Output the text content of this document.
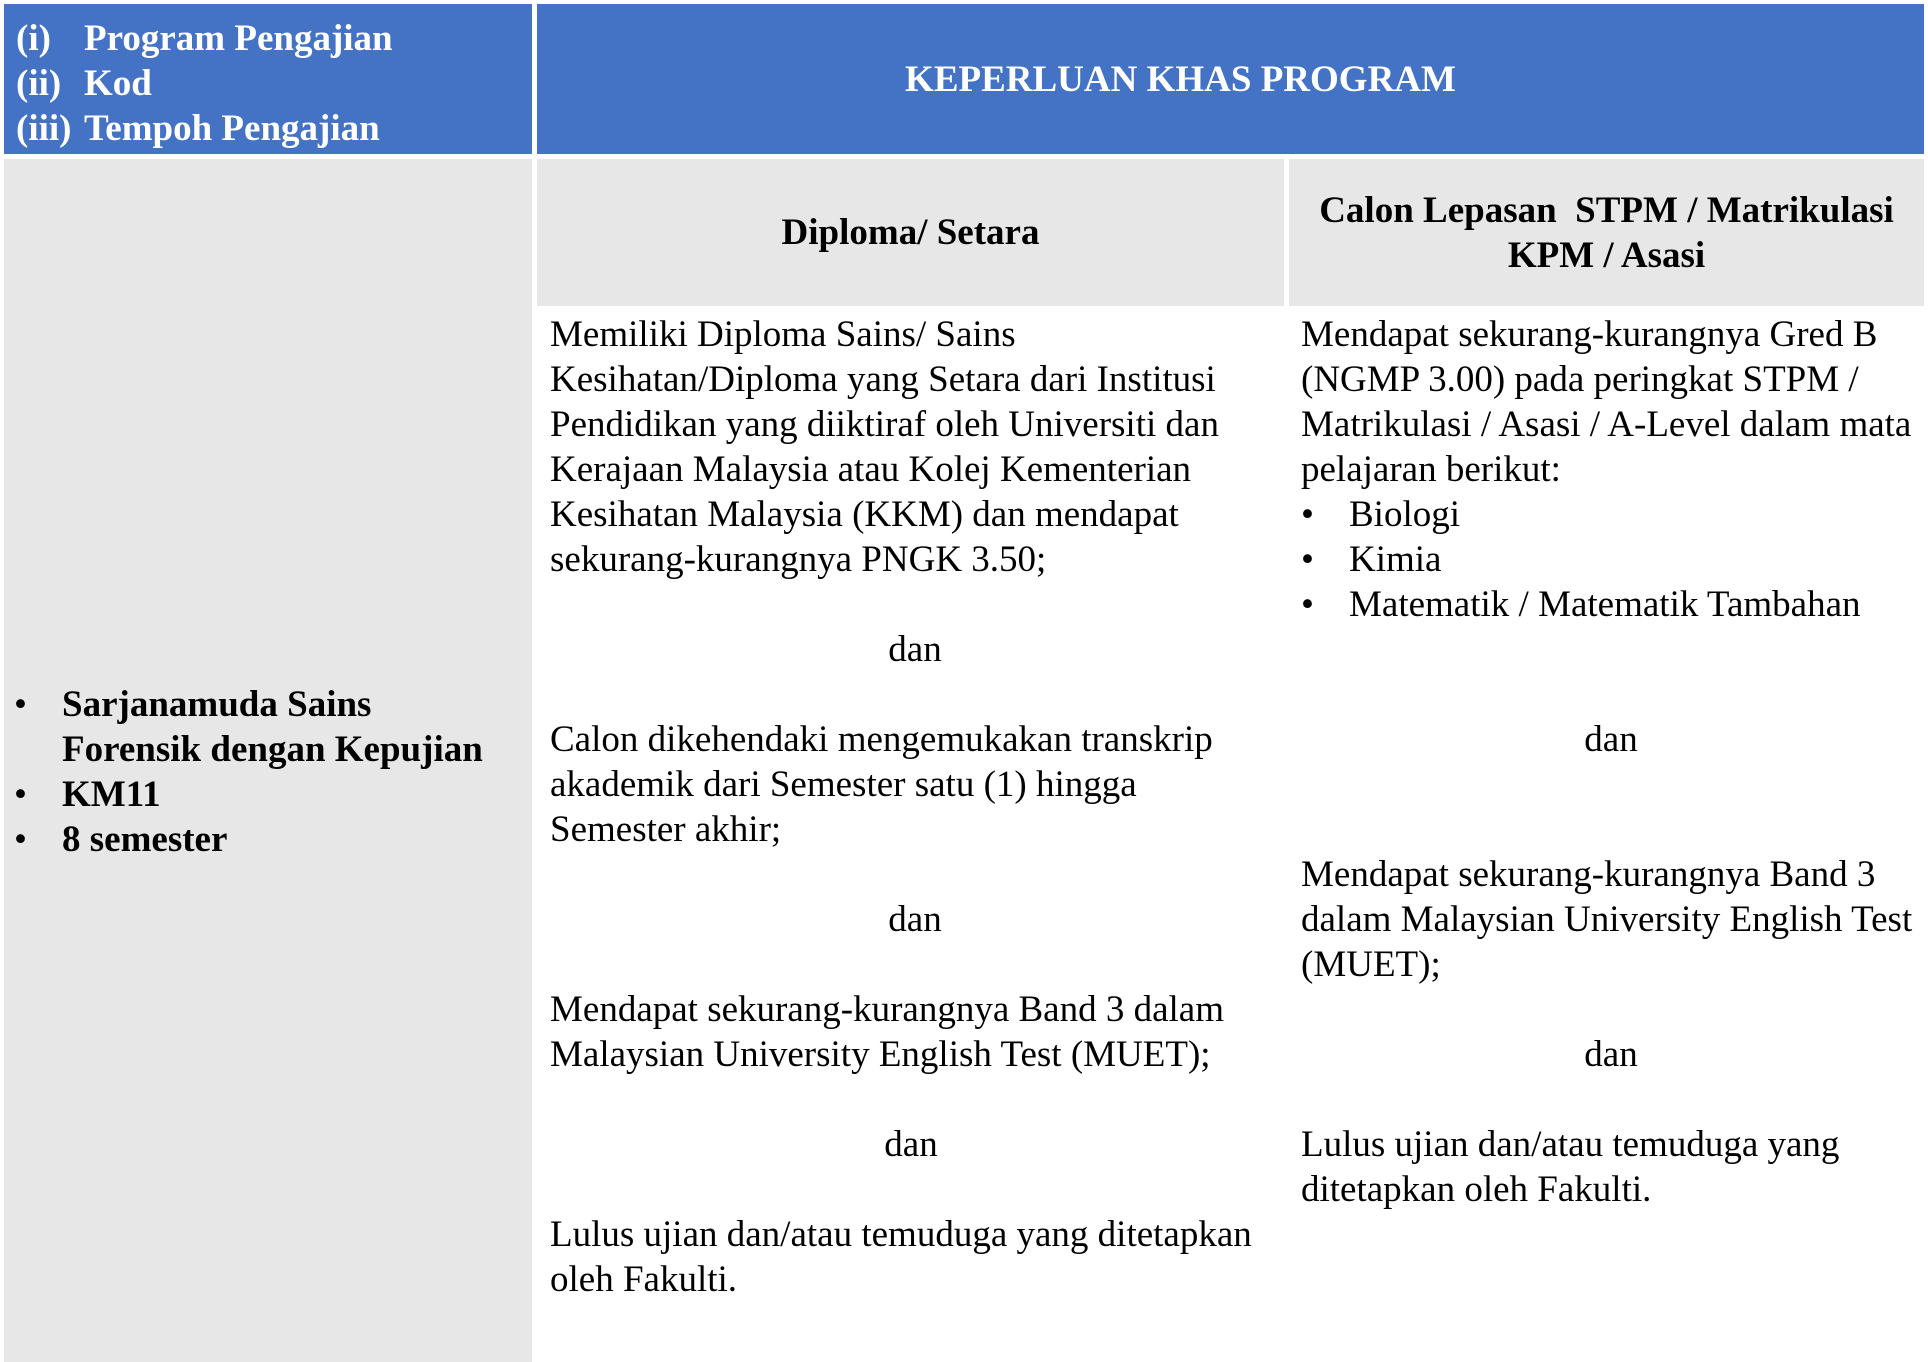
(i) Program Pengajian
(ii) Kod
(iii) Tempoh Pengajian
KEPERLUAN KHAS PROGRAM
• Sarjanamuda Sains Forensik dengan Kepujian
• KM11
• 8 semester
Diploma/ Setara
Calon Lepasan  STPM / Matrikulasi
KPM / Asasi

Memiliki Diploma Sains/ Sains Kesihatan/Diploma yang Setara dari Institusi Pendidikan yang diiktiraf oleh Universiti dan Kerajaan Malaysia atau Kolej Kementerian Kesihatan Malaysia (KKM) dan mendapat sekurang-kurangnya PNGK 3.50;

dan

Calon dikehendaki mengemukakan transkrip akademik dari Semester satu (1) hingga Semester akhir;

dan

Mendapat sekurang-kurangnya Band 3 dalam Malaysian University English Test (MUET);

dan

Lulus ujian dan/atau temuduga yang ditetapkan oleh Fakulti.

Mendapat sekurang-kurangnya Gred B (NGMP 3.00) pada peringkat STPM / Matrikulasi / Asasi / A-Level dalam mata pelajaran berikut:

• Biologi
• Kimia
• Matematik / Matematik Tambahan

dan

Mendapat sekurang-kurangnya Band 3 dalam Malaysian University English Test (MUET);

dan

Lulus ujian dan/atau temuduga yang ditetapkan oleh Fakulti.
